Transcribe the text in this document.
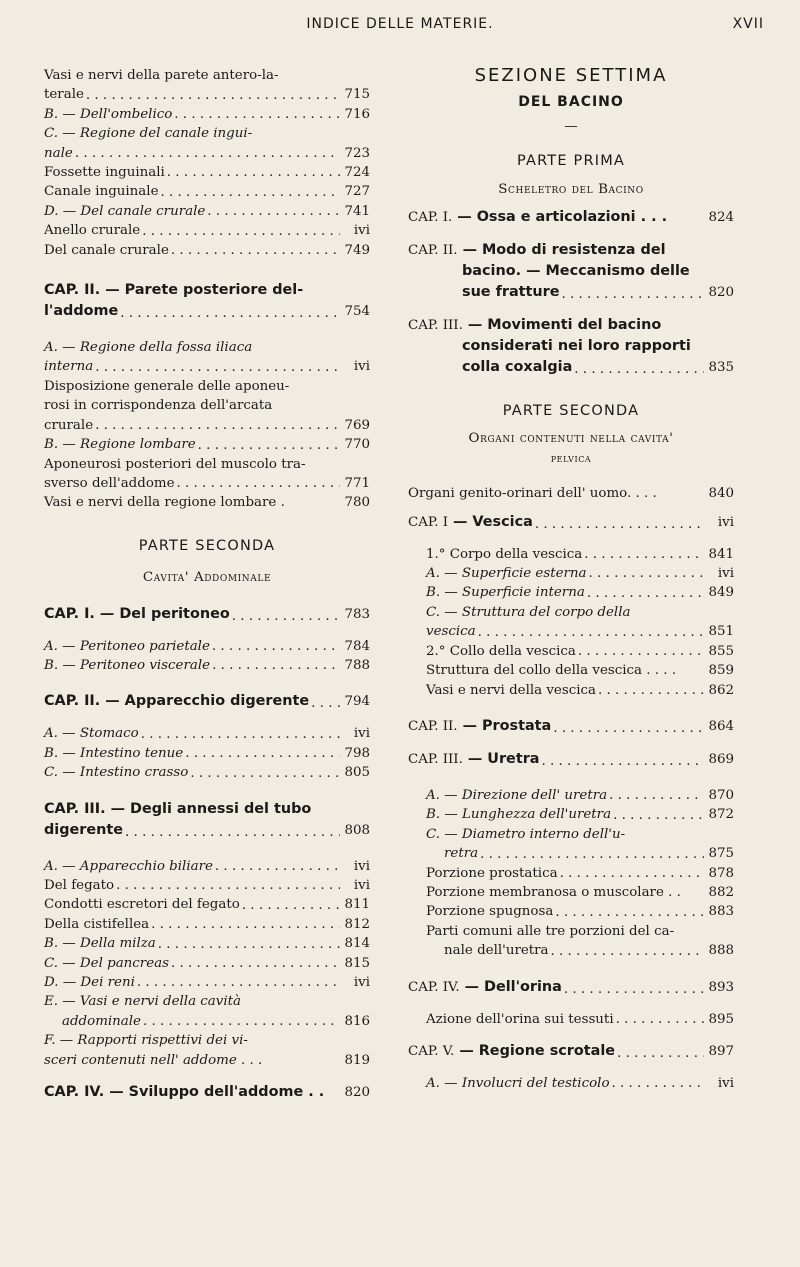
INDICE DELLE MATERIE.	XVII
Vasi e nervi della parete antero-la-
terale . . .	715
B. — Dell'ombelico . . .	716
C. — Regione del canale ingui-
nale . . .	723
Fossette inguinali . . .	724
Canale inguinale . . .	727
D. — Del canale crurale . . .	741
Anello crurale . . .	ivi
Del canale crurale . . .	749
CAP. II. — Parete posteriore del-
l'addome . . .	754
A. — Regione della fossa iliaca
interna . . .	ivi
Disposizione generale delle aponeu-
rosi in corrispondenza dell'arcata
crurale . . .	769
B. — Regione lombare . . .	770
Aponeurosi posteriori del muscolo tra-
sverso dell'addome . . .	771
Vasi e nervi della regione lombare .	780
PARTE SECONDA
Cavita' Addominale
CAP. I. — Del peritoneo . . .	783
A. — Peritoneo parietale . . .	784
B. — Peritoneo viscerale . . .	788
CAP. II. — Apparecchio digerente . . .	794
A. — Stomaco . . .	ivi
B. — Intestino tenue . . .	798
C. — Intestino crasso . . .	805
CAP. III. — Degli annessi del tubo
digerente . . .	808
A. — Apparecchio biliare . . .	ivi
Del fegato . . .	ivi
Condotti escretori del fegato . . .	811
Della cistifellea . . .	812
B. — Della milza . . .	814
C. — Del pancreas . . .	815
D. — Dei reni . . .	ivi
E. — Vasi e nervi della cavità
addominale . . .	816
F. — Rapporti rispettivi dei vi-
sceri contenuti nell' addome . . .	819
CAP. IV. — Sviluppo dell'addome . . 820
SEZIONE SETTIMA
DEL BACINO
—
PARTE PRIMA
Scheletro del Bacino
CAP. I. — Ossa e articolazioni . . .	824
CAP. II. — Modo di resistenza del
bacino. — Meccanismo delle
sue fratture . . .	820
CAP. III. — Movimenti del bacino
considerati nei loro rapporti
colla coxalgia . . .	835
PARTE SECONDA
Organi contenuti nella cavita'
pelvica
Organi genito-orinari dell' uomo. . . .	840
CAP. I — Vescica . . .	ivi
1.° Corpo della vescica . . .	841
A. — Superficie esterna . . .	ivi
B. — Superficie interna . . .	849
C. — Struttura del corpo della
vescica . . .	851
2.° Collo della vescica . . .	855
Struttura del collo della vescica . . . . 859
Vasi e nervi della vescica . . .	862
CAP. II. — Prostata . . .	864
CAP. III. — Uretra . . .	869
A. — Direzione dell' uretra . . .	870
B. — Lunghezza dell'uretra . . .	872
C. — Diametro interno dell'u-
retra . . .	875
Porzione prostatica . . .	878
Porzione membranosa o muscolare . . 882
Porzione spugnosa . . .	883
Parti comuni alle tre porzioni del ca-
nale dell'uretra . . .	888
CAP. IV. — Dell'orina . . .	893
Azione dell'orina sui tessuti . . .	895
CAP. V. — Regione scrotale . . .	897
A. — Involucri del testicolo . . .	ivi
